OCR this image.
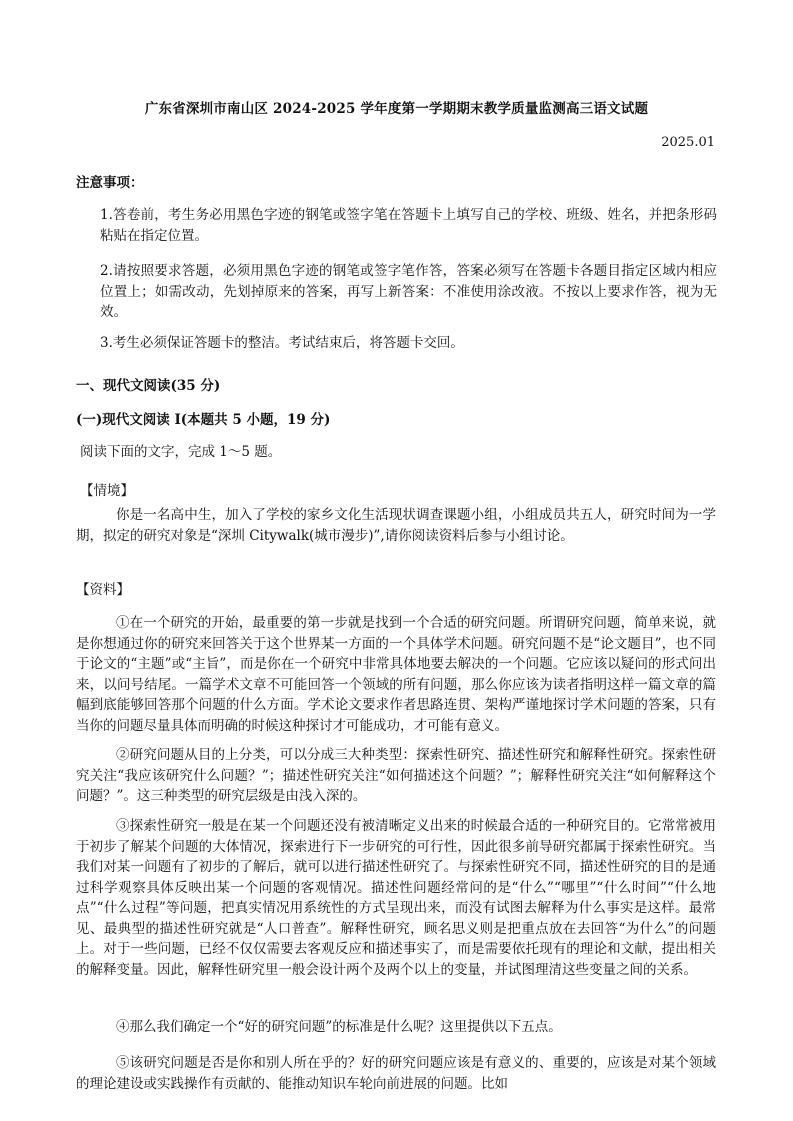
广东省深圳市南山区 2024-2025 学年度第一学期期末教学质量监测高三语文试题

2025.01

注意事项：

1.答卷前，考生务必用黑色字迹的钢笔或签字笔在答题卡上填写自己的学校、班级、姓名，并把条形码粘贴在指定位置。

2.请按照要求答题，必须用黑色字迹的钢笔或签字笔作答，答案必须写在答题卡各题目指定区域内相应位置上；如需改动，先划掉原来的答案，再写上新答案：不准使用涂改液。不按以上要求作答，视为无效。

3.考生必须保证答题卡的整洁。考试结束后，将答题卡交回。

一、现代文阅读(35 分)

(一)现代文阅读 I(本题共 5 小题，19 分)

阅读下面的文字，完成 1～5 题。

【情境】

你是一名高中生，加入了学校的家乡文化生活现状调查课题小组，小组成员共五人，研究时间为一学期，拟定的研究对象是“深圳 Citywalk(城市漫步)”,请你阅读资料后参与小组讨论。

【资料】

①在一个研究的开始，最重要的第一步就是找到一个合适的研究问题。所谓研究问题，简单来说，就是你想通过你的研究来回答关于这个世界某一方面的一个具体学术问题。研究问题不是“论文题目”，也不同于论文的“主题”或“主旨”，而是你在一个研究中非常具体地要去解决的一个问题。它应该以疑问的形式问出来，以问号结尾。一篇学术文章不可能回答一个领域的所有问题，那么你应该为读者指明这样一篇文章的篇幅到底能够回答那个问题的什么方面。学术论文要求作者思路连贯、架构严谨地探讨学术问题的答案，只有当你的问题尽量具体而明确的时候这种探讨才可能成功，才可能有意义。

②研究问题从目的上分类，可以分成三大种类型：探索性研究、描述性研究和解释性研究。探索性研究关注“我应该研究什么问题？”；描述性研究关注“如何描述这个问题？”；解释性研究关注“如何解释这个问题？”。这三种类型的研究层级是由浅入深的。

③探索性研究一般是在某一个问题还没有被清晰定义出来的时候最合适的一种研究目的。它常常被用于初步了解某个问题的大体情况，探索进行下一步研究的可行性，因此很多前导研究都属于探索性研究。当我们对某一问题有了初步的了解后，就可以进行描述性研究了。与探索性研究不同，描述性研究的目的是通过科学观察具体反映出某一个问题的客观情况。描述性问题经常问的是“什么”“哪里”“什么时间”“什么地点”“什么过程”等问题，把真实情况用系统性的方式呈现出来，而没有试图去解释为什么事实是这样。最常见、最典型的描述性研究就是“人口普查”。解释性研究，顾名思义则是把重点放在去回答“为什么”的问题上。对于一些问题，已经不仅仅需要去客观反应和描述事实了，而是需要依托现有的理论和文献，提出相关的解释变量。因此，解释性研究里一般会设计两个及两个以上的变量，并试图理清这些变量之间的关系。

④那么我们确定一个“好的研究问题”的标准是什么呢？这里提供以下五点。

⑤该研究问题是否是你和别人所在乎的？好的研究问题应该是有意义的、重要的，应该是对某个领域的理论建设或实践操作有贡献的、能推动知识车轮向前进展的问题。比如
